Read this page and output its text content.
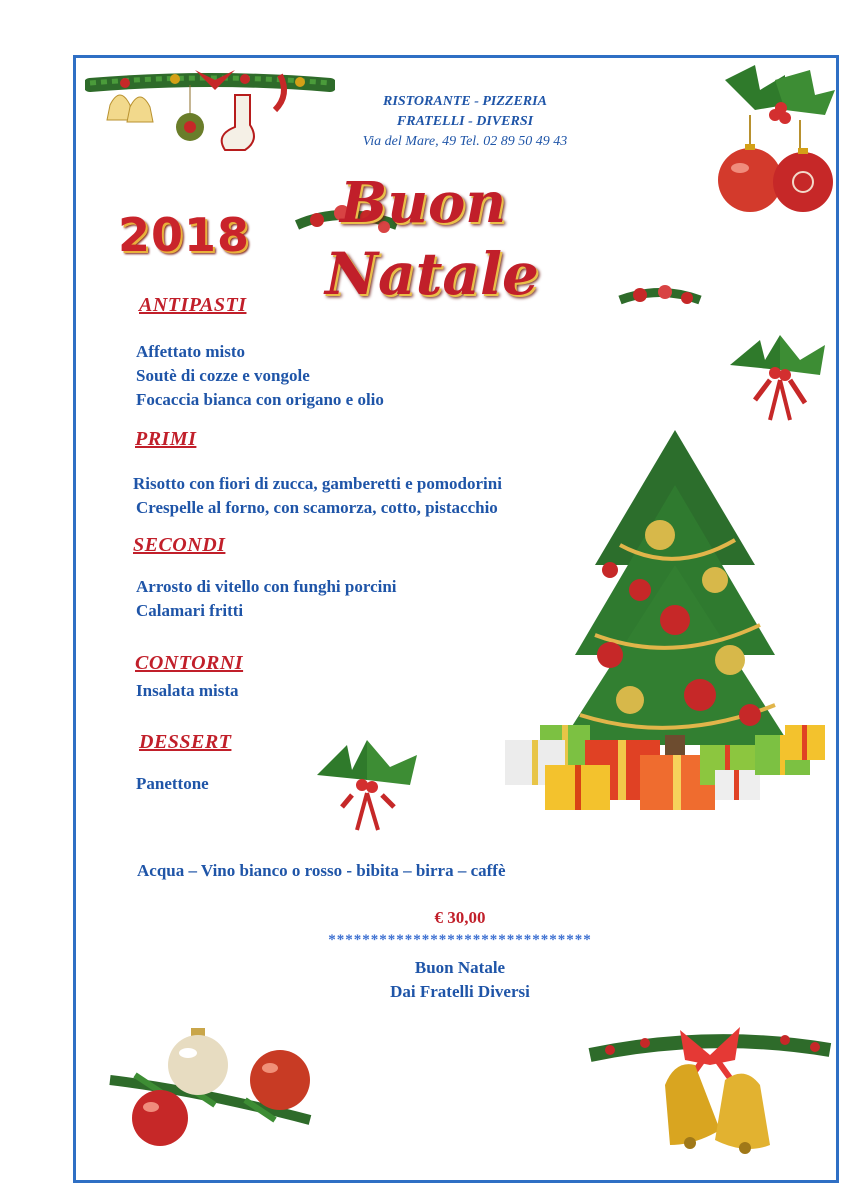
RISTORANTE - PIZZERIA
FRATELLI - DIVERSI
Via del Mare, 49 Tel. 02 89 50 49 43
2018 Buon
Natale
ANTIPASTI
Affettato misto
Soutè di cozze e vongole
Focaccia bianca con origano e olio
PRIMI
Risotto con fiori di zucca, gamberetti e pomodorini
Crespelle al forno, con scamorza, cotto, pistacchio
SECONDI
Arrosto di vitello con funghi porcini
Calamari fritti
CONTORNI
Insalata mista
DESSERT
Panettone
Acqua – Vino bianco o rosso - bibita – birra – caffè
€ 30,00
*******************************
Buon Natale
Dai Fratelli Diversi
